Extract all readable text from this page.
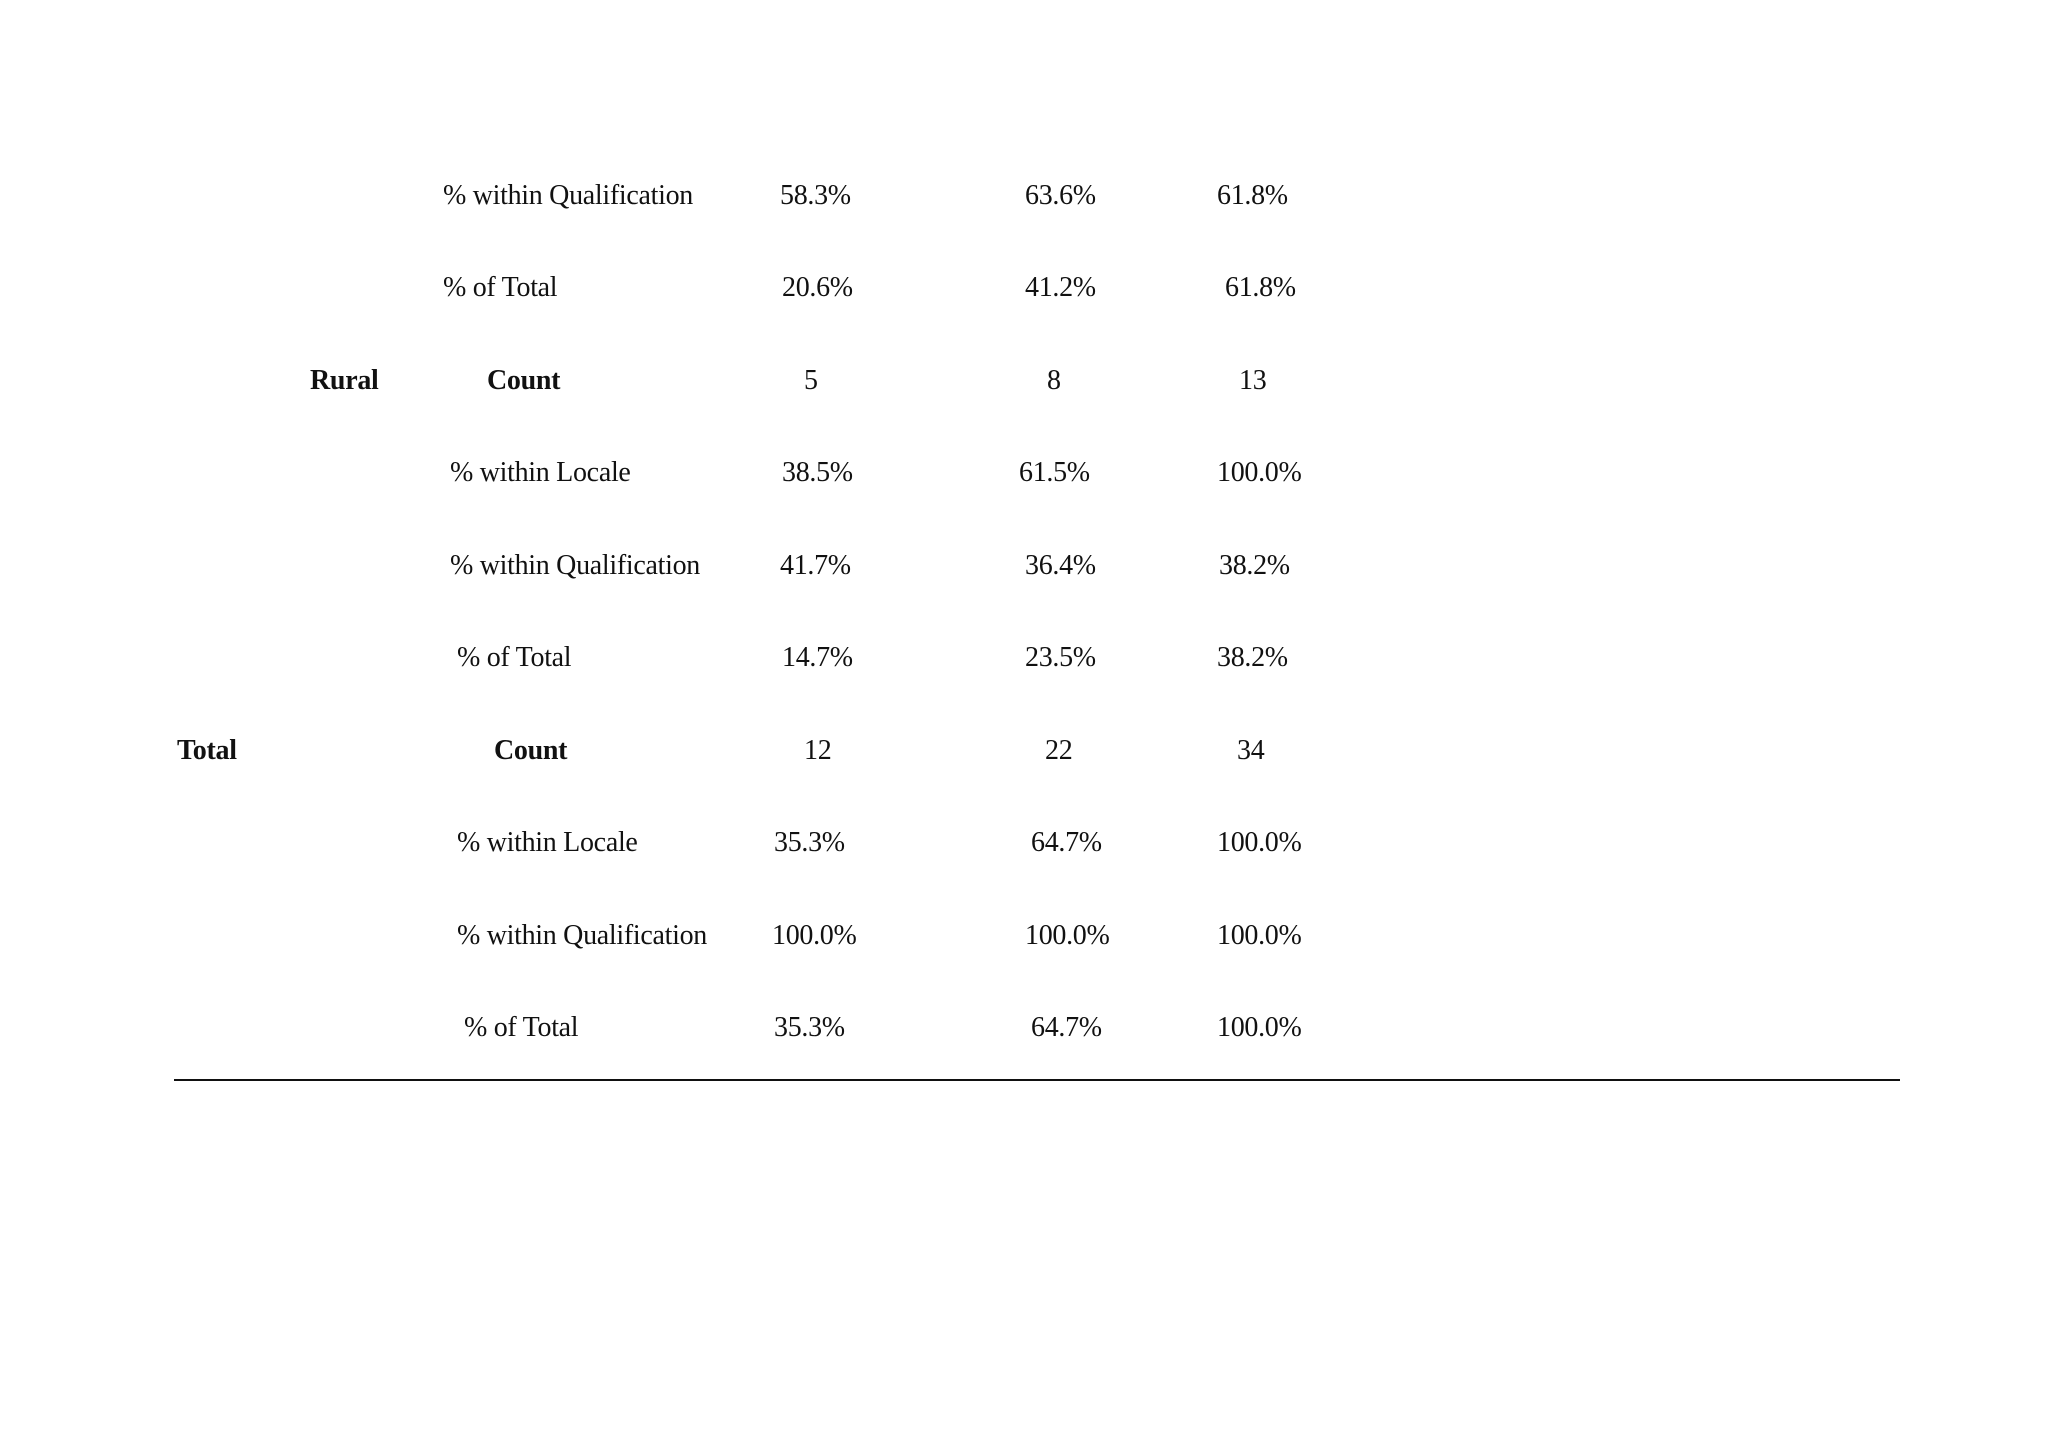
% within Qualification	58.3%	63.6%	61.8%
% of Total	20.6%	41.2%	61.8%
Rural	Count	5	8	13
% within Locale	38.5%	61.5%	100.0%
% within Qualification	41.7%	36.4%	38.2%
% of Total	14.7%	23.5%	38.2%
Total	Count	12	22	34
% within Locale	35.3%	64.7%	100.0%
% within Qualification 100.0%	100.0%	100.0%
% of Total	35.3%	64.7%	100.0%
